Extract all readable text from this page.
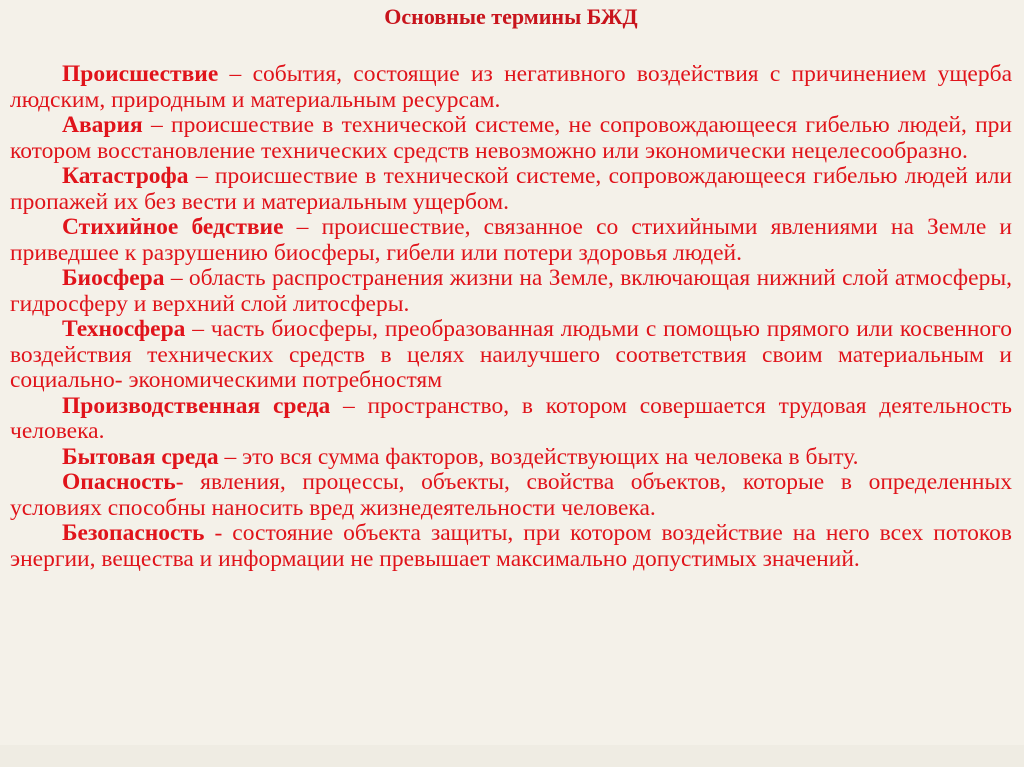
Основные термины БЖД

Происшествие – события, состоящие из негативного воздействия с причинением ущерба людским, природным и материальным ресурсам.

Авария – происшествие в технической системе, не сопровождающееся гибелью людей, при котором восстановление технических средств невозможно или экономически нецелесообразно.

Катастрофа – происшествие в технической системе, сопровождающееся гибелью людей или пропажей их без вести и материальным ущербом.

Стихийное бедствие – происшествие, связанное со стихийными явлениями на Земле и приведшее к разрушению биосферы, гибели или потери здоровья людей.

Биосфера – область распространения жизни на Земле, включающая нижний слой атмосферы, гидросферу и верхний слой литосферы.

Техносфера – часть биосферы, преобразованная людьми с помощью прямого или косвенного воздействия технических средств в целях наилучшего соответствия своим материальным и социально- экономическими потребностям

Производственная среда – пространство, в котором совершается трудовая деятельность человека.

Бытовая среда – это вся сумма факторов, воздействующих на человека в быту.

Опасность- явления, процессы, объекты, свойства объектов, которые в определенных условиях способны наносить вред жизнедеятельности человека.

Безопасность - состояние объекта защиты, при котором воздействие на него всех потоков энергии, вещества и информации не превышает максимально допустимых значений.
